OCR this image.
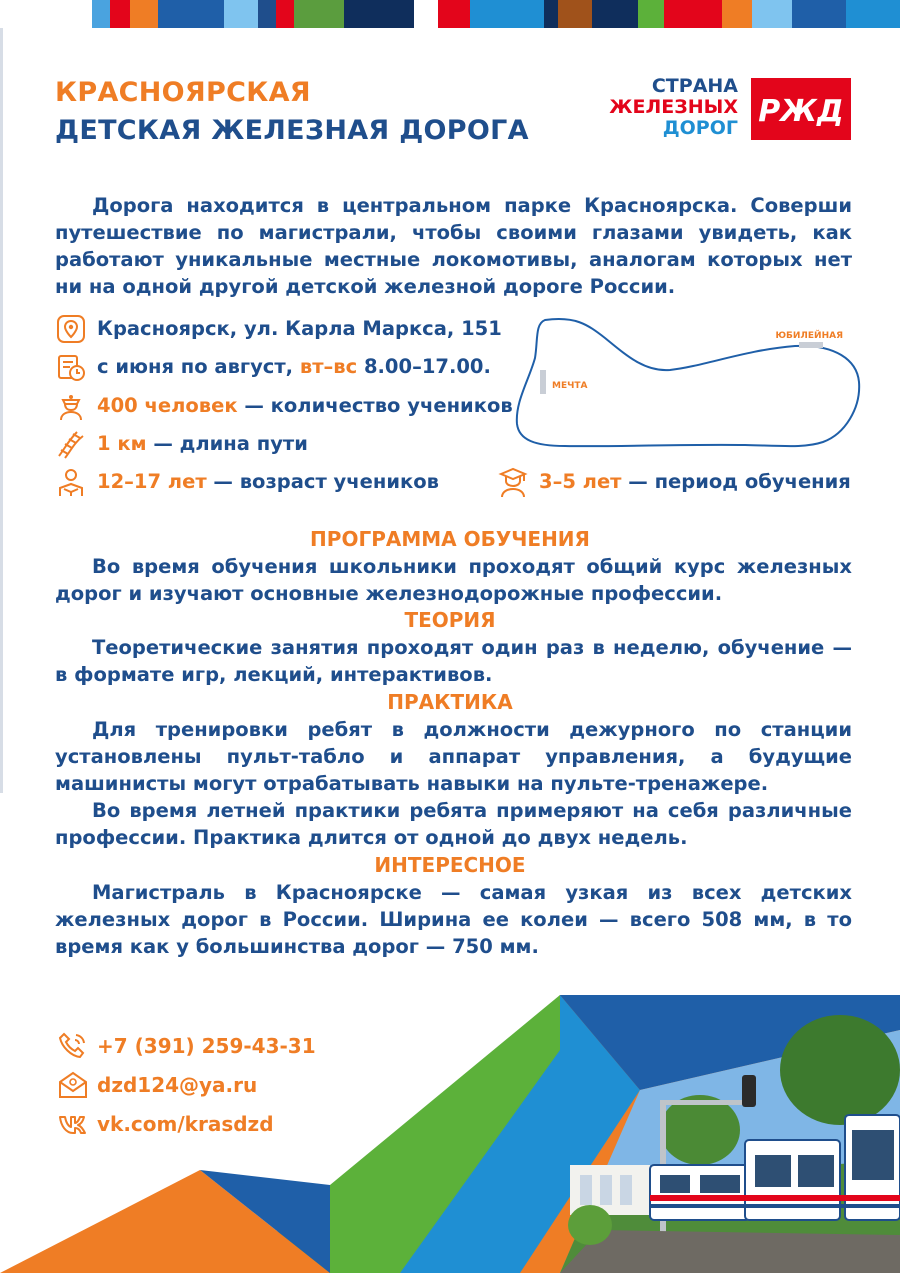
КРАСНОЯРСКАЯ
ДЕТСКАЯ ЖЕЛЕЗНАЯ ДОРОГА
СТРАНА
ЖЕЛЕЗНЫХ
ДОРОГ РЖД

Дорога находится в центральном парке Красноярска. Соверши путешествие по магистрали, чтобы своими глазами увидеть, как работают уникальные местные локомотивы, аналогам которых нет ни на одной другой детской железной дороге России.

Красноярск, ул. Карла Маркса, 151
с июня по август, вт–вс 8.00–17.00.
400 человек — количество учеников
1 км — длина пути
12–17 лет — возраст учеников	3–5 лет — период обучения
ЮБИЛЕЙНАЯ
МЕЧТА
ПРОГРАММА ОБУЧЕНИЯ

Во время обучения школьники проходят общий курс железных дорог и изучают основные железнодорожные профессии.

ТЕОРИЯ

Теоретические занятия проходят один раз в неделю, обучение — в формате игр, лекций, интерактивов.

ПРАКТИКА

Для тренировки ребят в должности дежурного по станции установлены пульт-табло и аппарат управления, а будущие машинисты могут отрабатывать навыки на пульте-тренажере.

Во время летней практики ребята примеряют на себя различные профессии. Практика длится от одной до двух недель.

ИНТЕРЕСНОЕ

Магистраль в Красноярске — самая узкая из всех детских железных дорог в России. Ширина ее колеи — всего 508 мм, в то время как у большинства дорог — 750 мм.

+7 (391) 259-43-31
dzd124@ya.ru
vk.com/krasdzd
